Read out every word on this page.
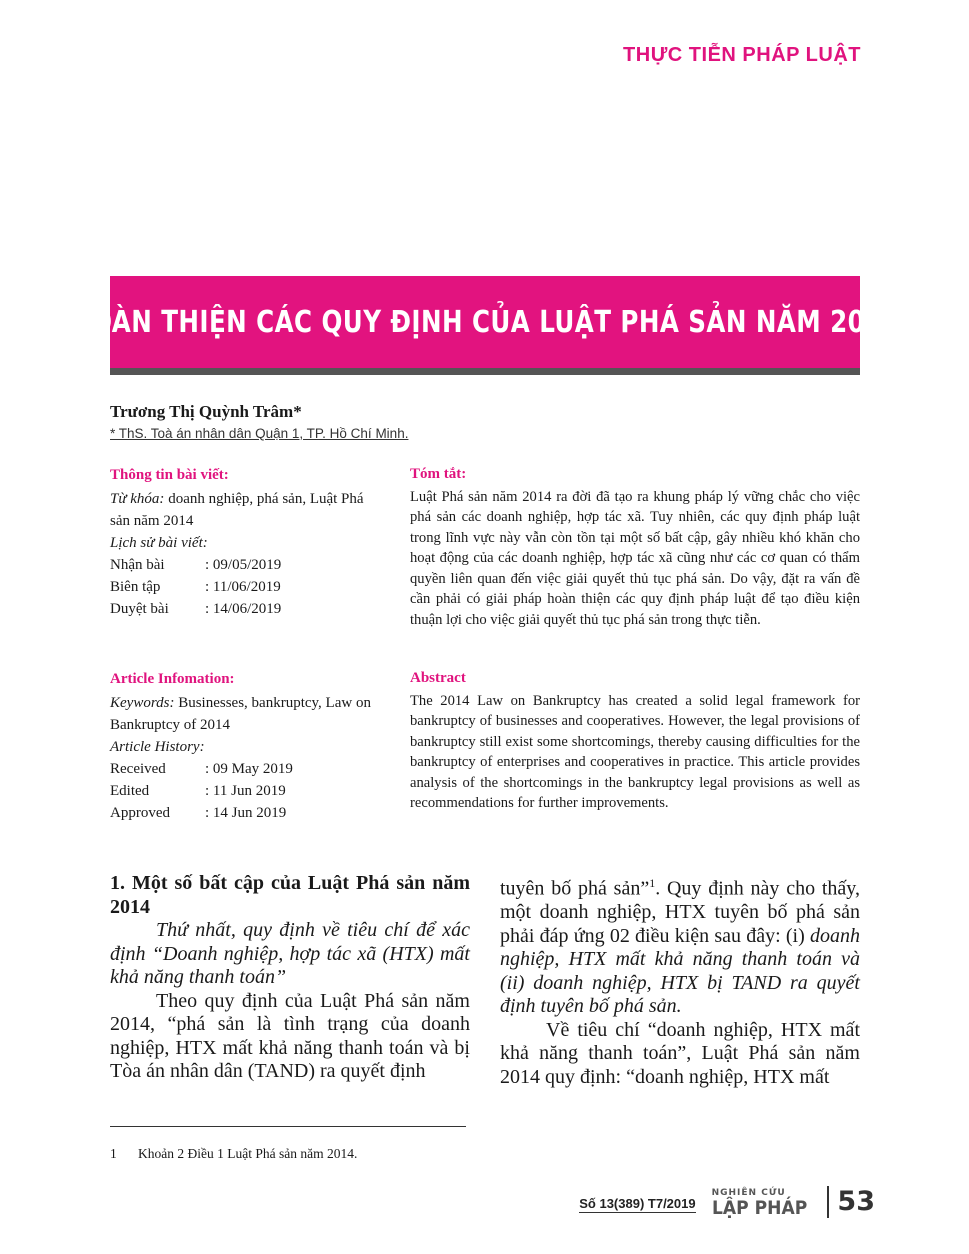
THỰC TIỄN PHÁP LUẬT
HOÀN THIỆN CÁC QUY ĐỊNH CỦA LUẬT PHÁ SẢN NĂM 2014
Trương Thị Quỳnh Trâm*
* ThS. Toà án nhân dân Quận 1, TP. Hồ Chí Minh.
Thông tin bài viết:
Từ khóa: doanh nghiệp, phá sản, Luật Phá sản năm 2014
Lịch sử bài viết:
Nhận bài	: 09/05/2019
Biên tập	: 11/06/2019
Duyệt bài	: 14/06/2019
Tóm tắt:
Luật Phá sản năm 2014 ra đời đã tạo ra khung pháp lý vững chắc cho việc phá sản các doanh nghiệp, hợp tác xã. Tuy nhiên, các quy định pháp luật trong lĩnh vực này vẫn còn tồn tại một số bất cập, gây nhiều khó khăn cho hoạt động của các doanh nghiệp, hợp tác xã cũng như các cơ quan có thẩm quyền liên quan đến việc giải quyết thủ tục phá sản. Do vậy, đặt ra vấn đề cần phải có giải pháp hoàn thiện các quy định pháp luật để tạo điều kiện thuận lợi cho việc giải quyết thủ tục phá sản trong thực tiễn.
Article Infomation:
Keywords: Businesses, bankruptcy, Law on Bankruptcy of 2014
Article History:
Received	: 09 May 2019
Edited	: 11 Jun 2019
Approved	: 14 Jun 2019
Abstract
The 2014 Law on Bankruptcy has created a solid legal framework for bankruptcy of businesses and cooperatives. However, the legal provisions of bankruptcy still exist some shortcomings, thereby causing difficulties for the bankruptcy of enterprises and cooperatives in practice. This article provides analysis of the shortcomings in the bankruptcy legal provisions as well as recommendations for further improvements.

1. Một số bất cập của Luật Phá sản năm 2014

Thứ nhất, quy định về tiêu chí để xác định “Doanh nghiệp, hợp tác xã (HTX) mất khả năng thanh toán”

Theo quy định của Luật Phá sản năm 2014, “phá sản là tình trạng của doanh nghiệp, HTX mất khả năng thanh toán và bị Tòa án nhân dân (TAND) ra quyết định

tuyên bố phá sản”$^1$. Quy định này cho thấy, một doanh nghiệp, HTX tuyên bố phá sản phải đáp ứng 02 điều kiện sau đây: (i) doanh nghiệp, HTX mất khả năng thanh toán và (ii) doanh nghiệp, HTX bị TAND ra quyết định tuyên bố phá sản.

Về tiêu chí “doanh nghiệp, HTX mất khả năng thanh toán”, Luật Phá sản năm 2014 quy định: “doanh nghiệp, HTX mất

1 Khoản 2 Điều 1 Luật Phá sản năm 2014.
Số 13(389) T7/2019
NGHIÊN CỨU
LẬP PHÁP	53
